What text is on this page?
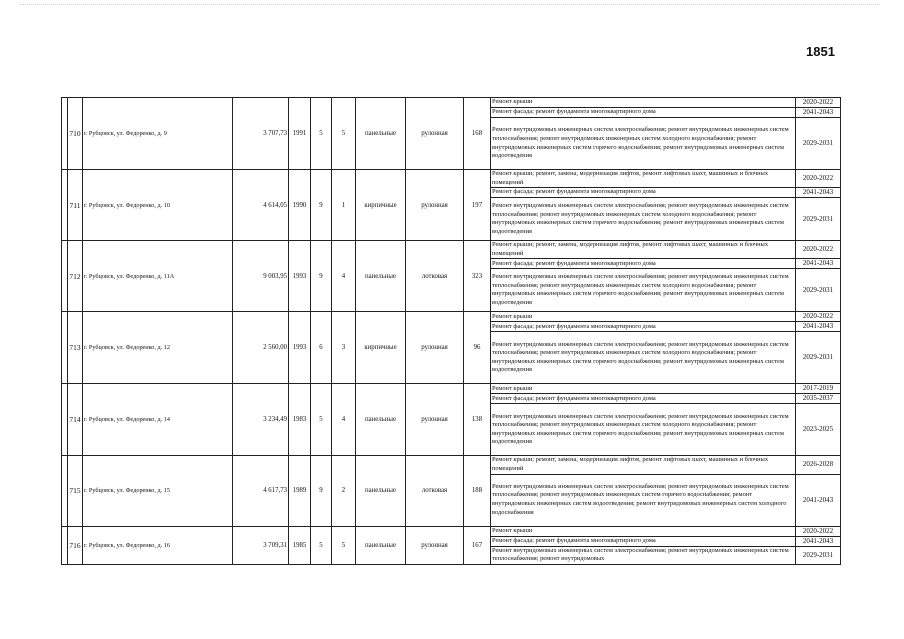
1851
	710	г. Рубцовск, ул. Федоренко, д. 9	3 707,73	1991	5	5	панельные	рулонная	168	Ремонт крыши	2020-2022
										Ремонт фасада; ремонт фундамента многоквартирного дома	2041-2043
										Ремонт внутридомовых инженерных систем электроснабжения; ремонт внутридомовых инженерных систем теплоснабжения; ремонт внутридомовых инженерных систем холодного водоснабжения; ремонт внутридомовых инженерных систем горячего водоснабжения; ремонт внутридомовых инженерных систем водоотведения	2029-2031
	711	г. Рубцовск, ул. Федоренко, д. 10	4 614,05	1990	9	1	кирпичные	рулонная	197	Ремонт крыши; ремонт, замена, модернизация лифтов, ремонт лифтовых шахт, машинных и блочных помещений	2020-2022
										Ремонт фасада; ремонт фундамента многоквартирного дома	2041-2043
										Ремонт внутридомовых инженерных систем электроснабжения; ремонт внутридомовых инженерных систем теплоснабжения; ремонт внутридомовых инженерных систем холодного водоснабжения; ремонт внутридомовых инженерных систем горячего водоснабжения; ремонт внутридомовых инженерных систем водоотведения	2029-2031
	712	г. Рубцовск, ул. Федоренко, д. 11А	9 003,95	1993	9	4	панельные	лотковая	323	Ремонт крыши; ремонт, замена, модернизация лифтов, ремонт лифтовых шахт, машинных и блочных помещений	2020-2022
										Ремонт фасада; ремонт фундамента многоквартирного дома	2041-2043
										Ремонт внутридомовых инженерных систем электроснабжения; ремонт внутридомовых инженерных систем теплоснабжения; ремонт внутридомовых инженерных систем холодного водоснабжения; ремонт внутридомовых инженерных систем горячего водоснабжения; ремонт внутридомовых инженерных систем водоотведения	2029-2031
	713	г. Рубцовск, ул. Федоренко, д. 12	2 560,00	1993	6	3	кирпичные	рулонная	96	Ремонт крыши	2020-2022
										Ремонт фасада; ремонт фундамента многоквартирного дома	2041-2043
										Ремонт внутридомовых инженерных систем электроснабжения; ремонт внутридомовых инженерных систем теплоснабжения; ремонт внутридомовых инженерных систем холодного водоснабжения; ремонт внутридомовых инженерных систем горячего водоснабжения; ремонт внутридомовых инженерных систем водоотведения	2029-2031
	714	г. Рубцовск, ул. Федоренко, д. 14	3 234,49	1983	5	4	панельные	рулонная	138	Ремонт крыши	2017-2019
										Ремонт фасада; ремонт фундамента многоквартирного дома	2035-2037
										Ремонт внутридомовых инженерных систем электроснабжения; ремонт внутридомовых инженерных систем теплоснабжения; ремонт внутридомовых инженерных систем холодного водоснабжения; ремонт внутридомовых инженерных систем горячего водоснабжения; ремонт внутридомовых инженерных систем водоотведения	2023-2025
	715	г. Рубцовск, ул. Федоренко, д. 15	4 617,73	1989	9	2	панельные	лотковая	188	Ремонт крыши; ремонт, замена, модернизация лифтов, ремонт лифтовых шахт, машинных и блочных помещений	2026-2028
										Ремонт внутридомовых инженерных систем электроснабжения; ремонт внутридомовых инженерных систем теплоснабжения; ремонт внутридомовых инженерных систем горячего водоснабжения; ремонт внутридомовых инженерных систем водоотведения; ремонт внутридомовых инженерных систем холодного водоснабжения	2041-2043
	716	г. Рубцовск, ул. Федоренко, д. 16	3 709,31	1985	5	5	панельные	рулонная	167	Ремонт крыши	2020-2022
										Ремонт фасада; ремонт фундамента многоквартирного дома	2041-2043
										Ремонт внутридомовых инженерных систем электроснабжения; ремонт внутридомовых инженерных систем теплоснабжения; ремонт внутридомовых	2029-2031
